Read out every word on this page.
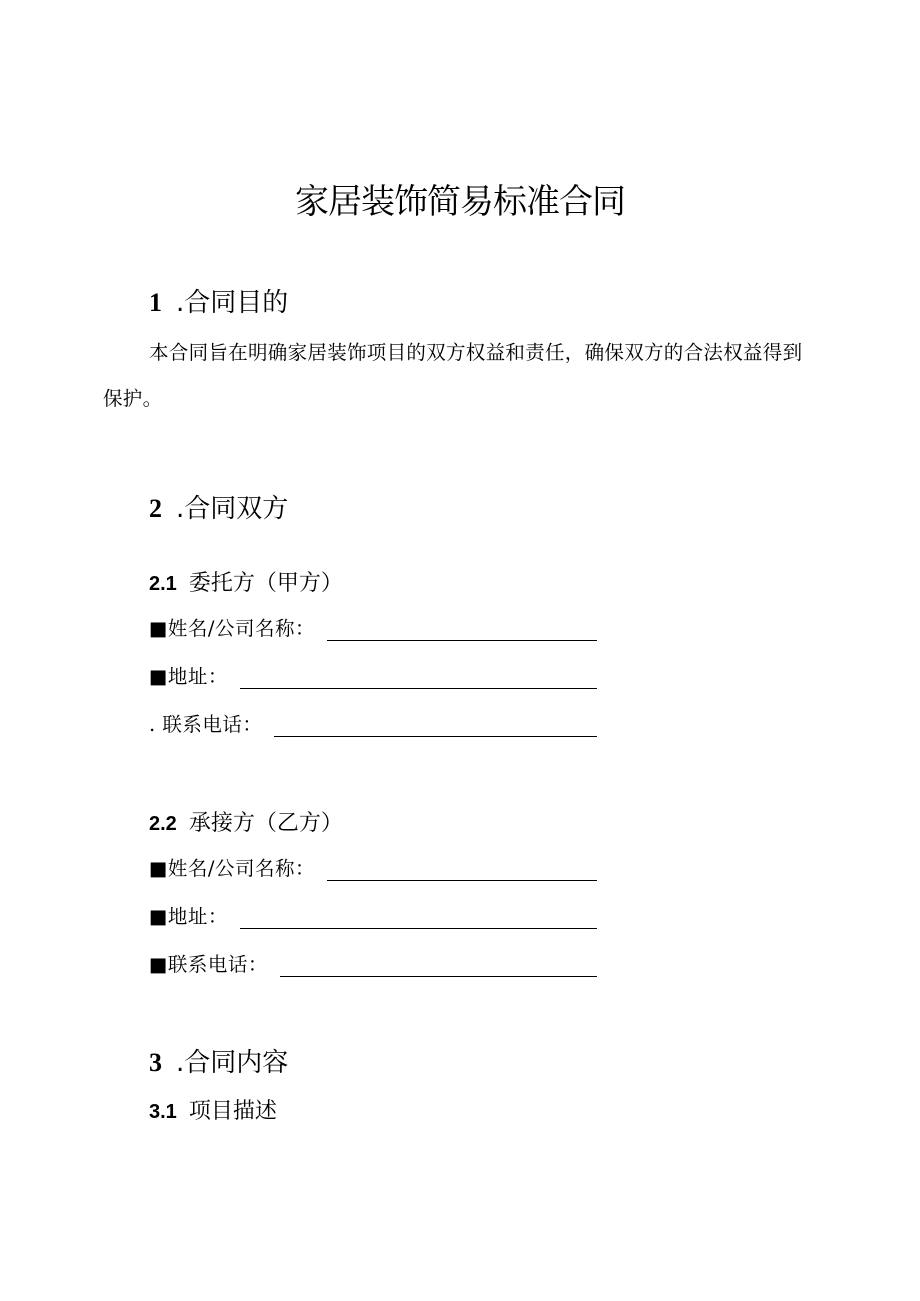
家居装饰简易标准合同
1 .合同目的
本合同旨在明确家居装饰项目的双方权益和责任，确保双方的合法权益得到保护。
2 .合同双方
2.1 委托方（甲方）
■姓名/公司名称：
■地址：
. 联系电话：
2.2 承接方（乙方）
■姓名/公司名称：
■地址：
■联系电话：
3 .合同内容
3.1 项目描述
